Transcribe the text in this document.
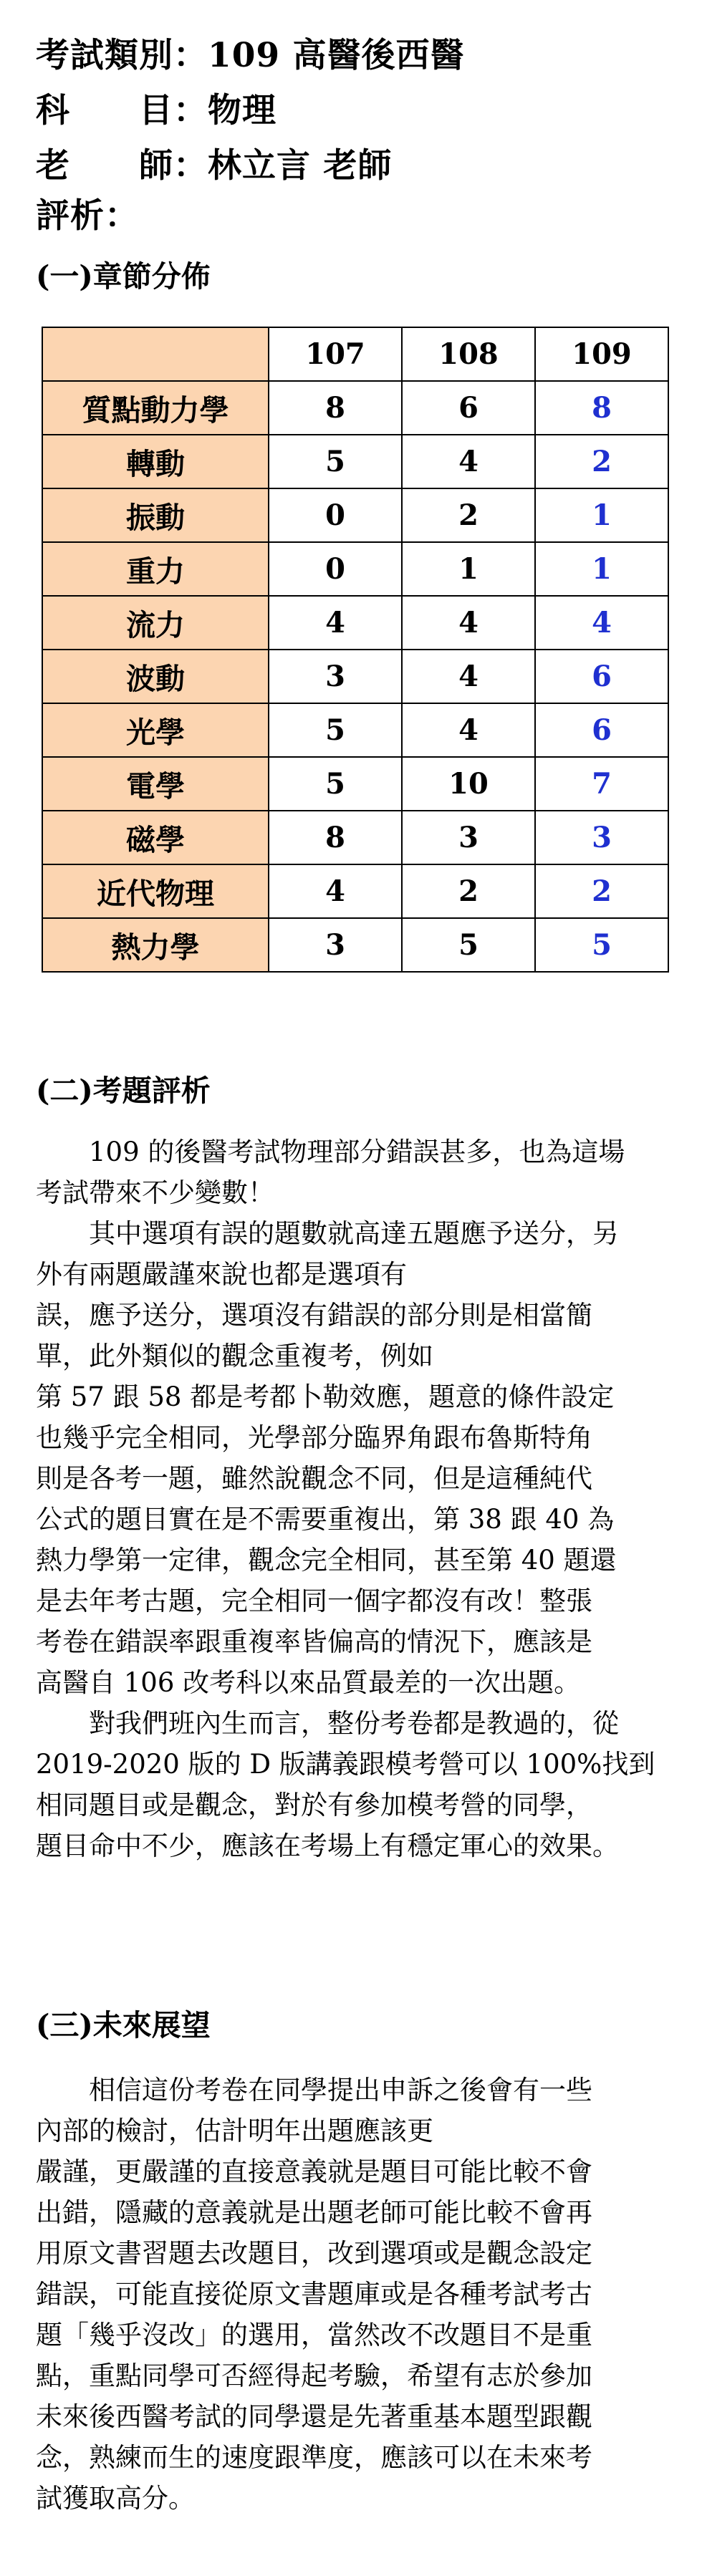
考試類別：109 高醫後西醫
科　　目：物理
老　　師：林立言 老師
評析：
(一)章節分佈
	107	108	109
質點動力學	8	6	8
轉動	5	4	2
振動	0	2	1
重力	0	1	1
流力	4	4	4
波動	3	4	6
光學	5	4	6
電學	5	10	7
磁學	8	3	3
近代物理	4	2	2
熱力學	3	5	5
(二)考題評析
　　109 的後醫考試物理部分錯誤甚多，也為這場
考試帶來不少變數！
　　其中選項有誤的題數就高達五題應予送分，另
外有兩題嚴謹來說也都是選項有
誤，應予送分，選項沒有錯誤的部分則是相當簡
單，此外類似的觀念重複考，例如
第 57 跟 58 都是考都卜勒效應，題意的條件設定
也幾乎完全相同，光學部分臨界角跟布魯斯特角
則是各考一題，雖然說觀念不同，但是這種純代
公式的題目實在是不需要重複出，第 38 跟 40 為
熱力學第一定律，觀念完全相同，甚至第 40 題還
是去年考古題，完全相同一個字都沒有改！整張
考卷在錯誤率跟重複率皆偏高的情況下，應該是
高醫自 106 改考科以來品質最差的一次出題。
　　對我們班內生而言，整份考卷都是教過的，從
2019-2020 版的 D 版講義跟模考營可以 100%找到
相同題目或是觀念，對於有參加模考營的同學，
題目命中不少，應該在考場上有穩定軍心的效果。
(三)未來展望
　　相信這份考卷在同學提出申訴之後會有一些
內部的檢討，估計明年出題應該更
嚴謹，更嚴謹的直接意義就是題目可能比較不會
出錯，隱藏的意義就是出題老師可能比較不會再
用原文書習題去改題目，改到選項或是觀念設定
錯誤，可能直接從原文書題庫或是各種考試考古
題「幾乎沒改」的選用，當然改不改題目不是重
點，重點同學可否經得起考驗，希望有志於參加
未來後西醫考試的同學還是先著重基本題型跟觀
念，熟練而生的速度跟準度，應該可以在未來考
試獲取高分。
